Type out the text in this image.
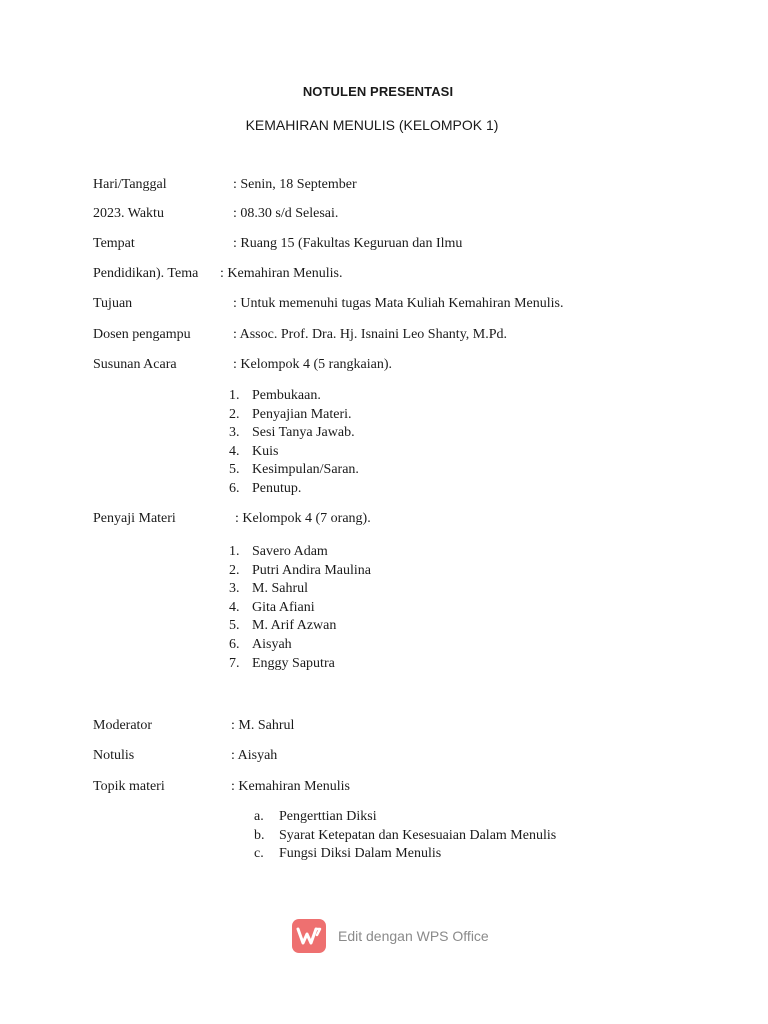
NOTULEN PRESENTASI
KEMAHIRAN MENULIS (KELOMPOK 1)
Hari/Tanggal	: Senin, 18 September
2023. Waktu	: 08.30 s/d Selesai.
Tempat	: Ruang 15 (Fakultas Keguruan dan Ilmu
Pendidikan). Tema : Kemahiran Menulis.
Tujuan	: Untuk memenuhi tugas Mata Kuliah Kemahiran Menulis.
Dosen pengampu	: Assoc. Prof. Dra. Hj. Isnaini Leo Shanty, M.Pd.
Susunan Acara	: Kelompok 4 (5 rangkaian).
1. Pembukaan.
2. Penyajian Materi.
3. Sesi Tanya Jawab.
4. Kuis
5. Kesimpulan/Saran.
6. Penutup.
Penyaji Materi	: Kelompok 4 (7 orang).
1. Savero Adam
2. Putri Andira Maulina
3. M. Sahrul
4. Gita Afiani
5. M. Arif Azwan
6. Aisyah
7. Enggy Saputra
Moderator	: M. Sahrul
Notulis	: Aisyah
Topik materi	: Kemahiran Menulis
a. Pengerttian Diksi
b. Syarat Ketepatan dan Kesesuaian Dalam Menulis
c. Fungsi Diksi Dalam Menulis
Edit dengan WPS Office
